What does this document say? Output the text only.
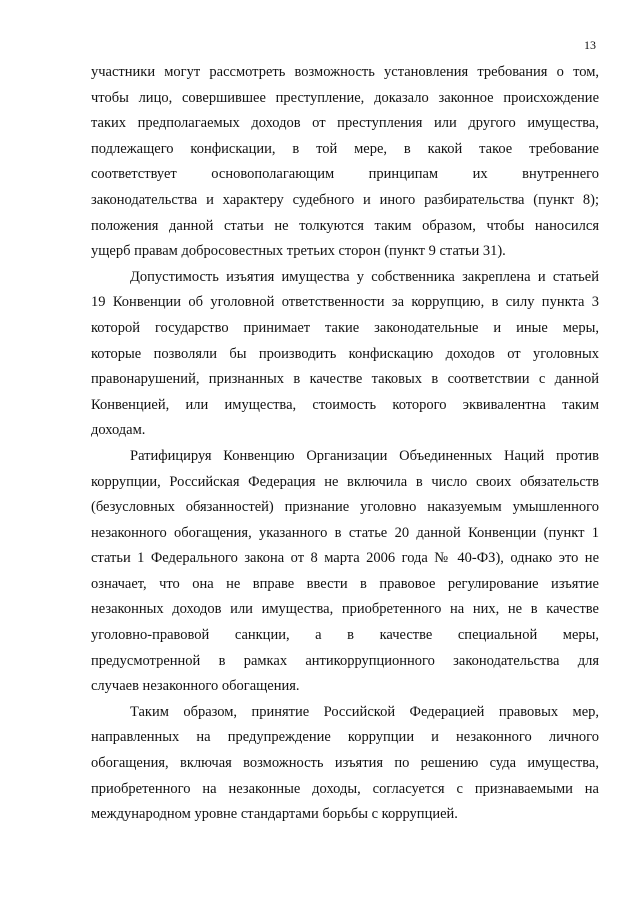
13
участники могут рассмотреть возможность установления требования о том,
чтобы лицо, совершившее преступление, доказало законное происхождение
таких предполагаемых доходов от преступления или другого имущества,
подлежащего конфискации, в той мере, в какой такое требование
соответствует основополагающим принципам их внутреннего
законодательства и характеру судебного и иного разбирательства (пункт 8);
положения данной статьи не толкуются таким образом, чтобы наносился
ущерб правам добросовестных третьих сторон (пункт 9 статьи 31).
Допустимость изъятия имущества у собственника закреплена и статьей
19 Конвенции об уголовной ответственности за коррупцию, в силу пункта 3
которой государство принимает такие законодательные и иные меры,
которые позволяли бы производить конфискацию доходов от уголовных
правонарушений, признанных в качестве таковых в соответствии с данной
Конвенцией, или имущества, стоимость которого эквивалентна таким
доходам.
Ратифицируя Конвенцию Организации Объединенных Наций против
коррупции, Российская Федерация не включила в число своих обязательств
(безусловных обязанностей) признание уголовно наказуемым умышленного
незаконного обогащения, указанного в статье 20 данной Конвенции (пункт 1
статьи 1 Федерального закона от 8 марта 2006 года № 40-ФЗ), однако это не
означает, что она не вправе ввести в правовое регулирование изъятие
незаконных доходов или имущества, приобретенного на них, не в качестве
уголовно-правовой санкции, а в качестве специальной меры,
предусмотренной в рамках антикоррупционного законодательства для
случаев незаконного обогащения.
Таким образом, принятие Российской Федерацией правовых мер,
направленных на предупреждение коррупции и незаконного личного
обогащения, включая возможность изъятия по решению суда имущества,
приобретенного на незаконные доходы, согласуется с признаваемыми на
международном уровне стандартами борьбы с коррупцией.
